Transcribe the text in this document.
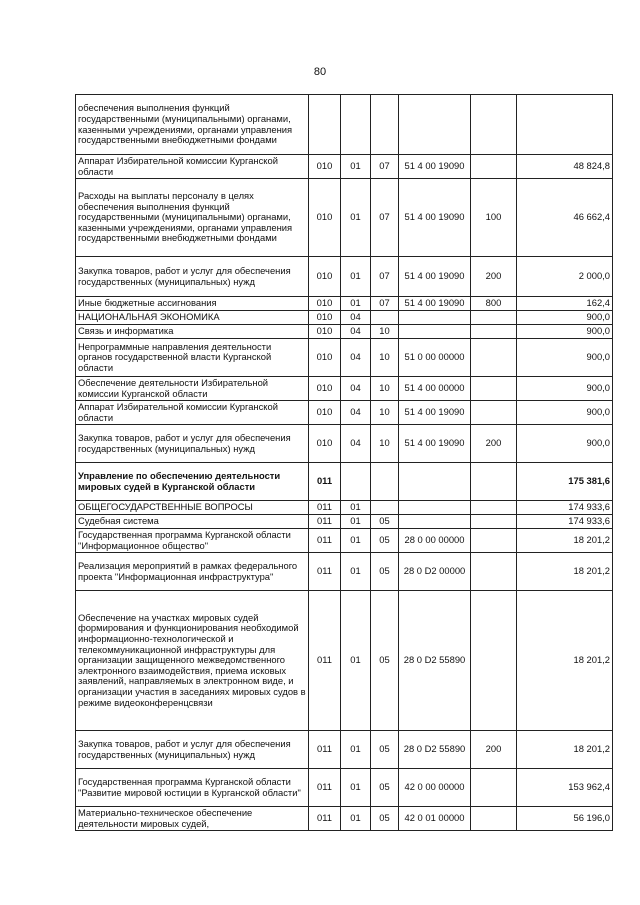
80
обеспечения выполнения функций государственными (муниципальными) органами, казенными учреждениями, органами управления государственными внебюджетными фондами						
Аппарат Избирательной комиссии Курганской области	010	01	07	51 4 00 19090		48 824,8
Расходы на выплаты персоналу в целях обеспечения выполнения функций государственными (муниципальными) органами, казенными учреждениями, органами управления государственными внебюджетными фондами	010	01	07	51 4 00 19090	100	46 662,4
Закупка товаров, работ и услуг для обеспечения государственных (муниципальных) нужд	010	01	07	51 4 00 19090	200	2 000,0
Иные бюджетные ассигнования	010	01	07	51 4 00 19090	800	162,4
НАЦИОНАЛЬНАЯ ЭКОНОМИКА	010	04				900,0
Связь и информатика	010	04	10			900,0
Непрограммные направления деятельности органов государственной власти Курганской области	010	04	10	51 0 00 00000		900,0
Обеспечение деятельности Избирательной комиссии Курганской области	010	04	10	51 4 00 00000		900,0
Аппарат Избирательной комиссии Курганской области	010	04	10	51 4 00 19090		900,0
Закупка товаров, работ и услуг для обеспечения государственных (муниципальных) нужд	010	04	10	51 4 00 19090	200	900,0
Управление по обеспечению деятельности мировых судей в Курганской области	011					175 381,6
ОБЩЕГОСУДАРСТВЕННЫЕ ВОПРОСЫ	011	01				174 933,6
Судебная система	011	01	05			174 933,6
Государственная программа Курганской области "Информационное общество"	011	01	05	28 0 00 00000		18 201,2
Реализация мероприятий в рамках федерального проекта "Информационная инфраструктура"	011	01	05	28 0 D2 00000		18 201,2
Обеспечение на участках мировых судей формирования и функционирования необходимой информационно-технологической и телекоммуникационной инфраструктуры для организации защищенного межведомственного электронного взаимодействия, приема исковых заявлений, направляемых в электронном виде, и организации участия в заседаниях мировых судов в режиме видеоконференцсвязи	011	01	05	28 0 D2 55890		18 201,2
Закупка товаров, работ и услуг для обеспечения государственных (муниципальных) нужд	011	01	05	28 0 D2 55890	200	18 201,2
Государственная программа Курганской области "Развитие мировой юстиции в Курганской области"	011	01	05	42 0 00 00000		153 962,4
Материально-техническое обеспечение деятельности мировых судей,	011	01	05	42 0 01 00000		56 196,0
